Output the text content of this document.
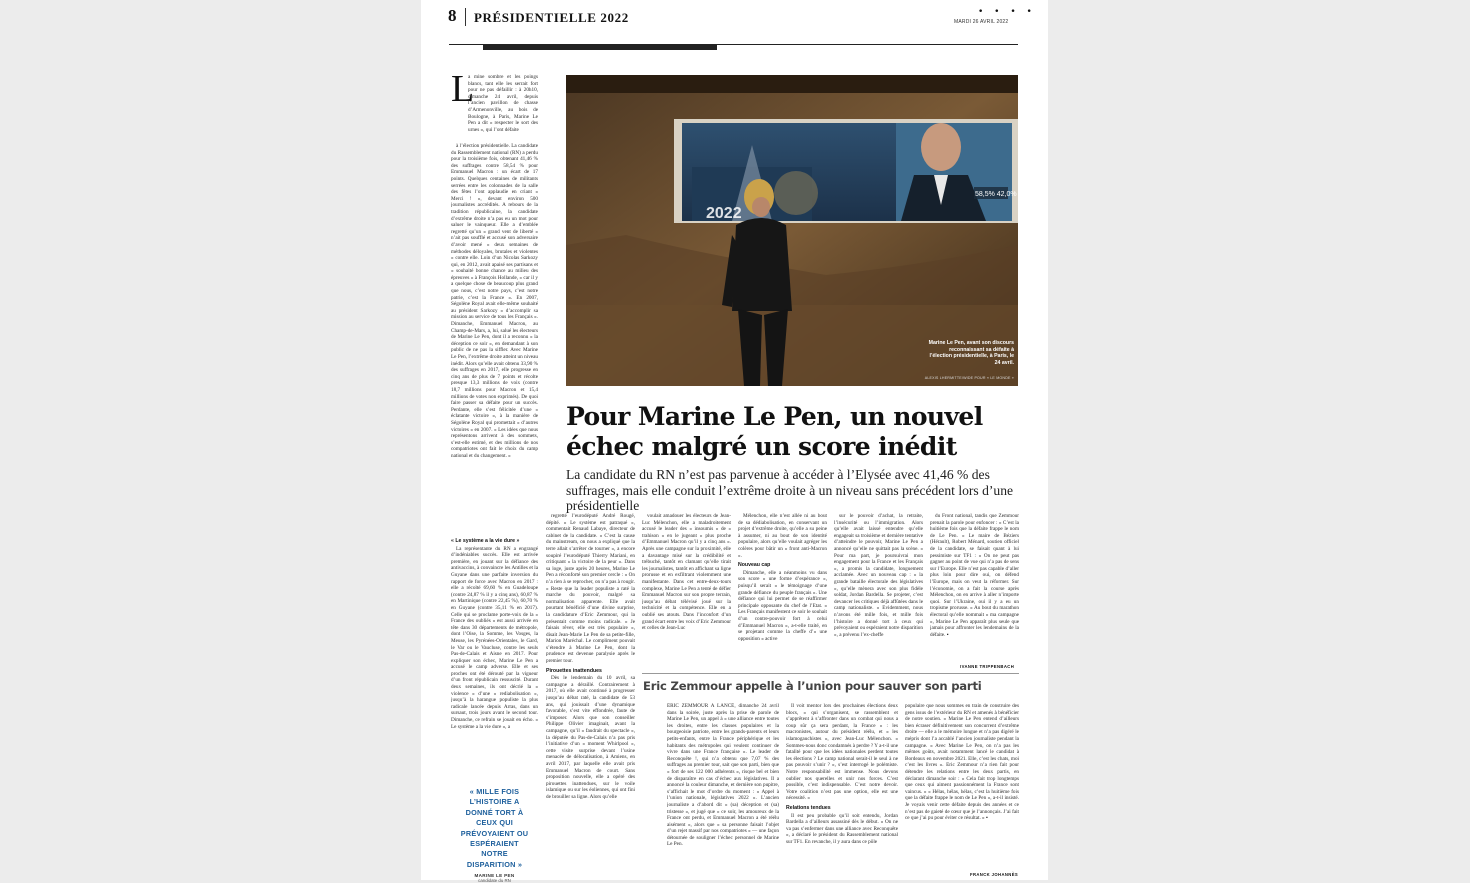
8 PRÉSIDENTIELLE 2022	• • • •
MARDI 26 AVRIL 2022
L

a mine sombre et les poings blancs, tant elle les serrait fort pour ne pas défaillir : à 20h10, dimanche 24 avril, depuis l’ancien pavillon de chasse d’Armenonville, au bois de Boulogne, à Paris, Marine Le Pen a dit « respecter le sort des urnes », qui l’ont défaite

à l’élection présidentielle. La candidate du Rassemblement national (RN) a perdu pour la troisième fois, obtenant 41,46 % des suffrages contre 58,54 % pour Emmanuel Macron : un écart de 17 points. Quelques centaines de militants serrées entre les colonnades de la salle des fêtes l’ont applaudie en criant « Merci ! », devant environ 500 journalistes accrédités. A rebours de la tradition républicaine, la candidate d’extrême droite n’a pas eu un mot pour saluer le vainqueur. Elle a d’emblée regretté qu’un « grand vent de liberté » n’ait pas soufflé et accusé son adversaire d’avoir mené « deux semaines de méthodes déloyales, brutales et violentes » contre elle. Loin d’un Nicolas Sarkozy qui, en 2012, avait apaisé ses partisans et « souhaité bonne chance au milieu des épreuves » à François Hollande, « car il y a quelque chose de beaucoup plus grand que nous, c’est notre pays, c’est notre patrie, c’est la France ». En 2007, Ségolène Royal avait elle-même souhaité au président Sarkozy « d’accomplir sa mission au service de tous les Français ». Dimanche, Emmanuel Macron, au Champ-de-Mars, a, lui, salué les électeurs de Marine Le Pen, dont il a reconnu « la déception ce soir », en demandant à son public de ne pas la siffler. Avec Marine Le Pen, l’extrême droite atteint un niveau inédit. Alors qu’elle avait obtenu 33,90 % des suffrages en 2017, elle progresse en cinq ans de plus de 7 points et récolte presque 13,3 millions de voix (contre 18,7 millions pour Macron et 15,4 millions de votes non exprimés). De quoi faire passer sa défaite pour un succès. Perdante, elle s’est félicitée d’une « éclatante victoire », à la manière de Ségolène Royal qui promettait « d’autres victoires » en 2007. « Les idées que nous représentons arrivent à des sommets, s’est-elle estimé, et des millions de nos compatriotes ont fait le choix du camp national et du changement. »

« Le système a la vie dure »

La représentante du RN a engrangé d’indéniables succès. Elle est arrivée première, en jouant sur la défiance des antivaccins, à convaincre les Antilles et la Guyane dans une parfaite inversion du rapport de force avec Macron en 2017 : elle a récolté 69,60 % en Guadeloupe (contre 24,87 % il y a cinq ans), 60,87 % en Martinique (contre 22,45 %), 60,70 % en Guyane (contre 35,11 % en 2017). Celle qui se proclame porte-voix de la « France des oubliés » est aussi arrivée en tête dans 30 départements de métropole, dont l’Oise, la Somme, les Vosges, la Meuse, les Pyrénées-Orientales, le Gard, le Var ou le Vaucluse, contre les seuls Pas-de-Calais et Aisne en 2017. Pour expliquer son échec, Marine Le Pen a accusé le camp adverse. Elle et ses proches ont été dérouté par la vigueur d’un front républicain ressuscité. Durant deux semaines, ils ont décrié la « violence » d’une « rediabolisation », jusqu’à la harangue populiste la plus radicale lancée depuis Arras, dans un sursaut, trois jours avant le second tour. Dimanche, ce refrain se jouait en écho. « Le système a la vie dure », a

« MILLE FOIS L’HISTOIRE A DONNÉ TORT À CEUX QUI PRÉVOYAIENT OU ESPÉRAIENT NOTRE DISPARITION »
MARINE LE PEN
candidate du RN
58,5% 42,0%
2022
Marine Le Pen, avant son discours reconnaissant sa défaite à l’élection présidentielle, à Paris, le 24 avril.
ALEXIS LHERMITTE/WIDE POUR « LE MONDE »
Pour Marine Le Pen, un nouvel échec malgré un score inédit
La candidate du RN n’est pas parvenue à accéder à l’Elysée avec 41,46 % des suffrages, mais elle conduit l’extrême droite à un niveau sans précédent lors d’une présidentielle

regretté l’eurodéputé André Rougé, dépité. « Le système est patraqué », commentait Renaud Labaye, directeur de cabinet de la candidate. « C’est la cause du mainstream, on nous a expliqué que la terre allait s’arrêter de tourner », a encore soupiré l’eurodéputé Thierry Mariani, en critiquant « la victoire de la peur ». Dans sa loge, juste après 20 heures, Marine Le Pen a réconforté son premier cercle : « On n’a rien à se reprocher, on n’a pas à rougir. » Reste que la leader populiste a raté la marche du pouvoir, malgré sa normalisation apparente. Elle avait pourtant bénéficié d’une divine surprise, la candidature d’Eric Zemmour, qui la présentait comme moins radicale. « Je faisais rêver, elle est très populaire », disait Jean-Marie Le Pen de sa petite-fille, Marion Maréchal. Le compliment pouvait s’étendre à Marine Le Pen, dont la prudence est devenue paralysie après le premier tour.

Pirouettes inattendues

Dès le lendemain du 10 avril, sa campagne a déraillé. Contrairement à 2017, où elle avait continué à progresser jusqu’au débat raté, la candidate de 53 ans, qui jouissait d’une dynamique favorable, s’est vite effondrée, faute de s’imposer. Alors que son conseiller Philippe Olivier imaginait, avant la campagne, qu’il « faudrait du spectacle », la députée du Pas-de-Calais n’a pas pris l’initiative d’un « moment Whirlpool », cette visite surprise devant l’usine menacée de délocalisation, à Amiens, en avril 2017, par laquelle elle avait pris Emmanuel Macron de court. Sans proposition nouvelle, elle a opéré des pirouettes inattendues, sur le voile islamique ou sur les éoliennes, qui ont fini de brouiller sa ligne. Alors qu’elle

voulait amadouer les électeurs de Jean-Luc Mélenchon, elle a maladroitement accusé le leader des « insoumis » de « trahison » en le jugeant « plus proche d’Emmanuel Macron qu’il y a cinq ans ». Après une campagne sur la proximité, elle a davantage misé sur la crédibilité et trébuché, tantôt en clamant qu’elle tirait les journalistes, tantôt en affichant sa ligne prorusse et en exfiltrant violemment une manifestante. Dans cet entre-deux-tours complexe, Marine Le Pen a tenté de défier Emmanuel Macron sur son propre terrain, jusqu’au débat télévisé joué sur la technicité et la compétence. Elle en a oublié ses atouts. Dans l’inconfort d’un grand écart entre les voix d’Eric Zemmour et celles de Jean-Luc

Mélenchon, elle n’est allée ni au bout de sa dédiabolisation, en conservant un projet d’extrême droite, qu’elle a su peine à assumer, ni au bout de son identité populaire, alors qu’elle voulait agréger les colères pour bâtir un « front anti-Macron ».

Nouveau cap

Dimanche, elle a néanmoins vu dans son score « une forme d’espérance », puisqu’il serait « le témoignage d’une grande défiance du peuple français ». Une défiance qui lui permet de se réaffirmer principale opposante du chef de l’Etat. « Les Français manifestent ce soir le souhait d’un contre-pouvoir fort à celui d’Emmanuel Macron », a-t-elle traité, en se projetant comme la cheffe d’« une opposition » active

sur le pouvoir d’achat, la retraite, l’insécurité ou l’immigration. Alors qu’elle avait laissé entendre qu’elle engageait sa troisième et dernière tentative d’atteindre le pouvoir, Marine Le Pen a annoncé qu’elle ne quittait pas la scène. « Pour ma part, je poursuivrai mon engagement pour la France et les Français », a promis la candidate, longuement acclamée. Avec un nouveau cap : « la grande bataille électorale des législatives », qu’elle mènera avec son plus fidèle soldat, Jordan Bardella. Se projeter, c’est devancer les critiques déjà affûtées dans le camp nationaliste. « Evidemment, nous n’avons été mille fois, et mille fois l’histoire a donné tort à ceux qui prévoyaient ou espéraient notre disparition », a prévenu l’ex-cheffe

du Front national, tandis que Zemmour prenait la parole pour enfoncer : « C’est la huitième fois que la défaite frappe le nom de Le Pen. » Le maire de Béziers (Hérault), Robert Ménard, soutien officiel de la candidate, se faisait quant à lui pessimiste sur TF1 : « On ne peut pas gagner au point de vue qui n’a pas de sens sur l’Europe. Elle n’est pas capable d’aller plus loin pour dire oui, on défend l’Europe, mais on veut la réformer. Sur l’économie, on a fait la course après Mélenchon, on en arrive à aller n’importe quoi. Sur l’Ukraine, oui il y a eu un tropisme prorusse. » Au bout du marathon électoral qu’elle nommait « ma campagne », Marine Le Pen apparaît plus seule que jamais pour affronter les lendemains de la défaite. ▪

IVANNE TRIPPENBACH
Eric Zemmour appelle à l’union pour sauver son parti

ÉRIC ZEMMOUR A LANCÉ, dimanche 24 avril dans la soirée, juste après la prise de parole de Marine Le Pen, un appel à « une alliance entre toutes les droites, entre les classes populaires et la bourgeoisie patriote, entre les grands-parents et leurs petits-enfants, entre la France périphérique et les habitants des métropoles qui veulent continuer de vivre dans une France française ». Le leader de Reconquête !, qui n’a obtenu que 7,07 % des suffrages au premier tour, sait que son parti, bien que « fort de ses 122 000 adhérents », risque bel et bien de disparaître en cas d’échec aux législatives. Il a annoncé la couleur dimanche, et dernière son pupitre, s’affichait le mot d’ordre du moment : « Appel à l’union nationale, législatives 2022 ». L’ancien journaliste a d’abord dit « (sa) déception et (sa) tristesse », et jugé que « ce soir, les amoureux de la France ont perdu, et Emmanuel Macron a été réélu aisément », alors que « sa personne faisait l’objet d’un rejet massif par nos compatriotes » — une façon détournée de souligner l’échec personnel de Marine Le Pen.

Il voit mentor lors des prochaines élections deux blocs, « qui s’organisent, se rassemblent et s’apprêtent à s’affronter dans un combat qui nous a coup sûr ça sera perdant, la France » : les macronistes, autour du président réélu, et « les islamogauchistes », avec Jean-Luc Mélenchon. « Sommes-nous donc condamnés à perdre ? Y a-t-il une fatalité pour que les idées nationales perdent toutes les élections ? Le camp national serait-il le seul à ne pas pouvoir s’unir ? », s’est interrogé le polémiste. Notre responsabilité est immense. Nous devons oublier nos querelles et unir nos forces. C’est possible, c’est indispensable. C’est notre devoir. Votre coalition n’est pas une option, elle est une nécessité. »

Relations tendues

Il est peu probable qu’il soit entendu, Jordan Bardella a d’ailleurs assassiné dès le début. « On ne va pas s’enfermer dans une alliance avec Reconquête », a déclaré le président du Rassemblement national sur TF1. En revanche, il y aura dans ce pôle

populaire que nous sommes en train de construire des gens issus de l’extérieur du RN et amenés à bénéficier de notre soutien. » Marine Le Pen entend d’ailleurs bien écraser définitivement son concurrent d’extrême droite — elle a le mémoire longue et n’a pas digéré le mépris dont l’a accablé l’ancien journaliste pendant la campagne. « Avec Marine Le Pen, on n’a pas les mêmes goûts, avait notamment lancé le candidat à Bordeaux en novembre 2021. Elle, c’est les chats, moi c’est les livres ». Eric Zemmour n’a rien fait pour détendre les relations entre les deux partis, en déclarant dimanche soir : « Cela fait trop longtemps que ceux qui aiment passionnément la France sont vaincus. » « Hélas, hélas, hélas, c’est la huitième fois que la défaite frappe le nom de Le Pen », a-t-il insisté. Je voyais venir cette défaite depuis des années et ce n’est pas de gaieté de cœur que je l’annonçais. J’ai fait ce que j’ai pu pour éviter ce résultat. » ▪

FRANCK JOHANNÈS
